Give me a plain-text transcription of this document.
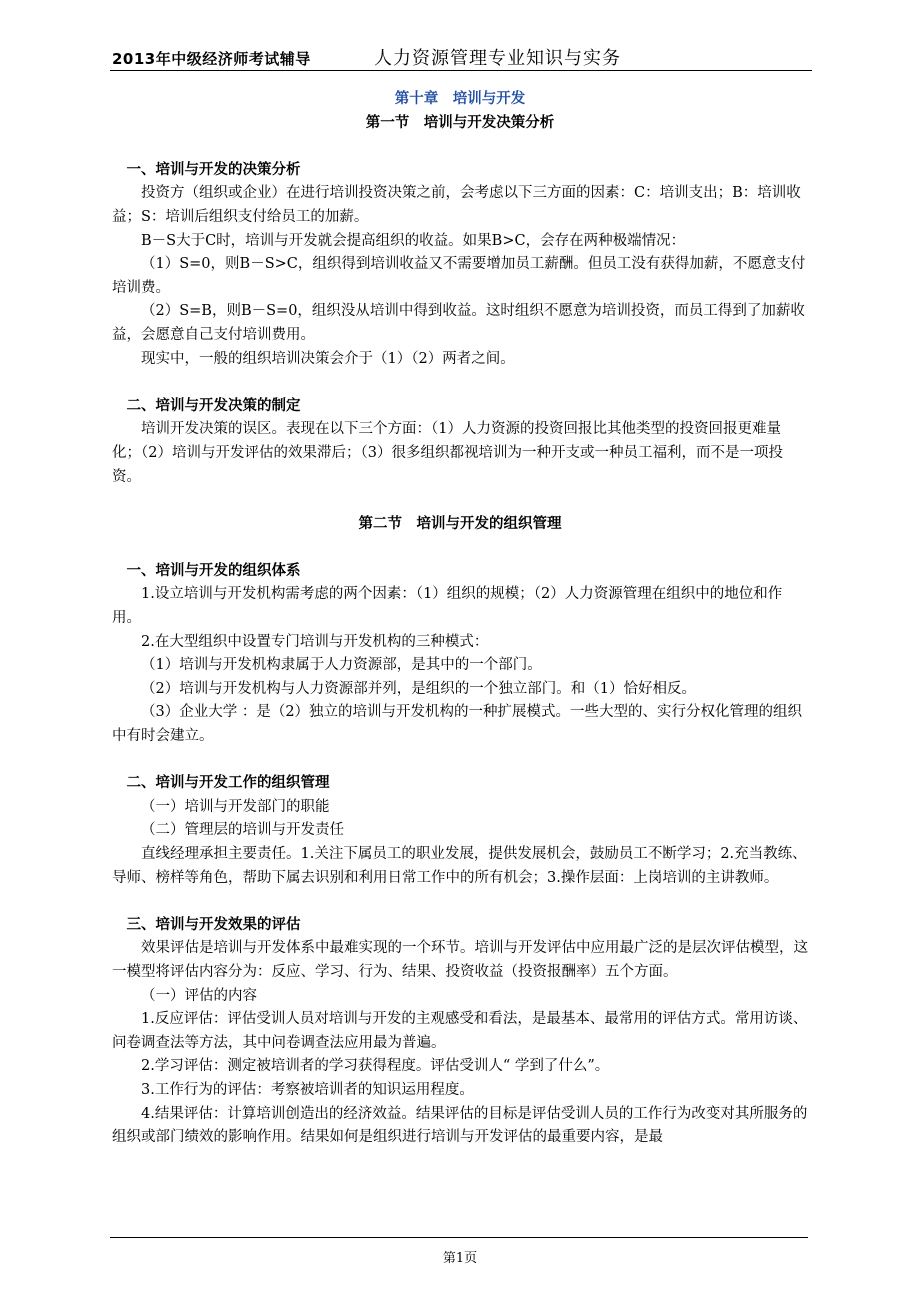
2013年中级经济师考试辅导	人力资源管理专业知识与实务

第十章　培训与开发

第一节　培训与开发决策分析

一、培训与开发的决策分析

投资方（组织或企业）在进行培训投资决策之前，会考虑以下三方面的因素：C：培训支出；B：培训收益；S：培训后组织支付给员工的加薪。

B－S大于C时，培训与开发就会提高组织的收益。如果B>C，会存在两种极端情况：

（1）S=0，则B－S>C，组织得到培训收益又不需要增加员工薪酬。但员工没有获得加薪，不愿意支付培训费。

（2）S=B，则B－S=0，组织没从培训中得到收益。这时组织不愿意为培训投资，而员工得到了加薪收益，会愿意自己支付培训费用。

现实中，一般的组织培训决策会介于（1）（2）两者之间。

二、培训与开发决策的制定

培训开发决策的误区。表现在以下三个方面：（1）人力资源的投资回报比其他类型的投资回报更难量化；（2）培训与开发评估的效果滞后；（3）很多组织都视培训为一种开支或一种员工福利，而不是一项投资。

第二节　培训与开发的组织管理

一、培训与开发的组织体系

1.设立培训与开发机构需考虑的两个因素：（1）组织的规模；（2）人力资源管理在组织中的地位和作用。

2.在大型组织中设置专门培训与开发机构的三种模式：

（1）培训与开发机构隶属于人力资源部，是其中的一个部门。

（2）培训与开发机构与人力资源部并列，是组织的一个独立部门。和（1）恰好相反。

（3）企业大学 ：是（2）独立的培训与开发机构的一种扩展模式。一些大型的、实行分权化管理的组织中有时会建立。

二、培训与开发工作的组织管理

（一）培训与开发部门的职能

（二）管理层的培训与开发责任

直线经理承担主要责任。1.关注下属员工的职业发展，提供发展机会，鼓励员工不断学习；2.充当教练、导师、榜样等角色，帮助下属去识别和利用日常工作中的所有机会；3.操作层面：上岗培训的主讲教师。

三、培训与开发效果的评估

效果评估是培训与开发体系中最难实现的一个环节。培训与开发评估中应用最广泛的是层次评估模型，这一模型将评估内容分为：反应、学习、行为、结果、投资收益（投资报酬率）五个方面。

（一）评估的内容

1.反应评估：评估受训人员对培训与开发的主观感受和看法，是最基本、最常用的评估方式。常用访谈、问卷调查法等方法，其中问卷调查法应用最为普遍。

2.学习评估：测定被培训者的学习获得程度。评估受训人“ 学到了什么”。

3.工作行为的评估：考察被培训者的知识运用程度。

4.结果评估：计算培训创造出的经济效益。结果评估的目标是评估受训人员的工作行为改变对其所服务的组织或部门绩效的影响作用。结果如何是组织进行培训与开发评估的最重要内容，是最

第1页
